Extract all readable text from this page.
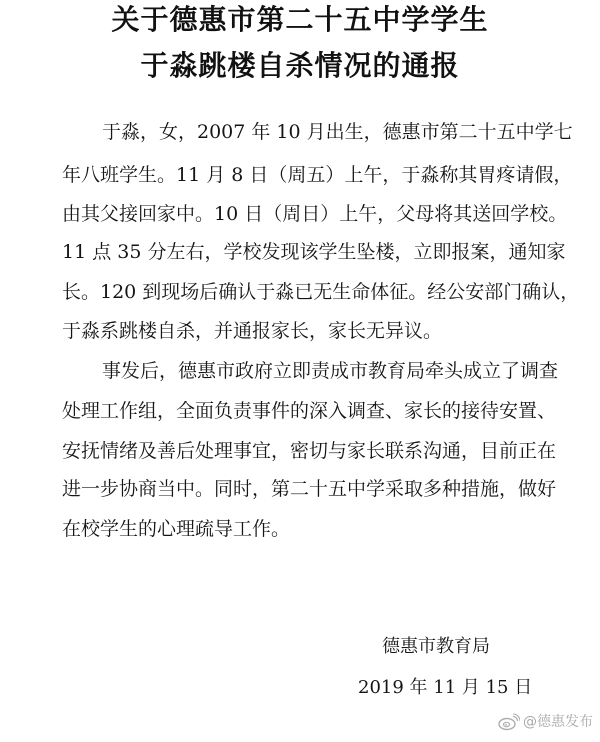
关于德惠市第二十五中学学生
于淼跳楼自杀情况的通报
于淼，女，2007 年 10 月出生，德惠市第二十五中学七
年八班学生。11 月 8 日（周五）上午，于淼称其胃疼请假，
由其父接回家中。10 日（周日）上午，父母将其送回学校。
11 点 35 分左右，学校发现该学生坠楼，立即报案，通知家
长。120 到现场后确认于淼已无生命体征。经公安部门确认，
于淼系跳楼自杀，并通报家长，家长无异议。
事发后，德惠市政府立即责成市教育局牵头成立了调查
处理工作组，全面负责事件的深入调查、家长的接待安置、
安抚情绪及善后处理事宜，密切与家长联系沟通，目前正在
进一步协商当中。同时，第二十五中学采取多种措施，做好
在校学生的心理疏导工作。
德惠市教育局
2019 年 11 月 15 日
@德惠发布
